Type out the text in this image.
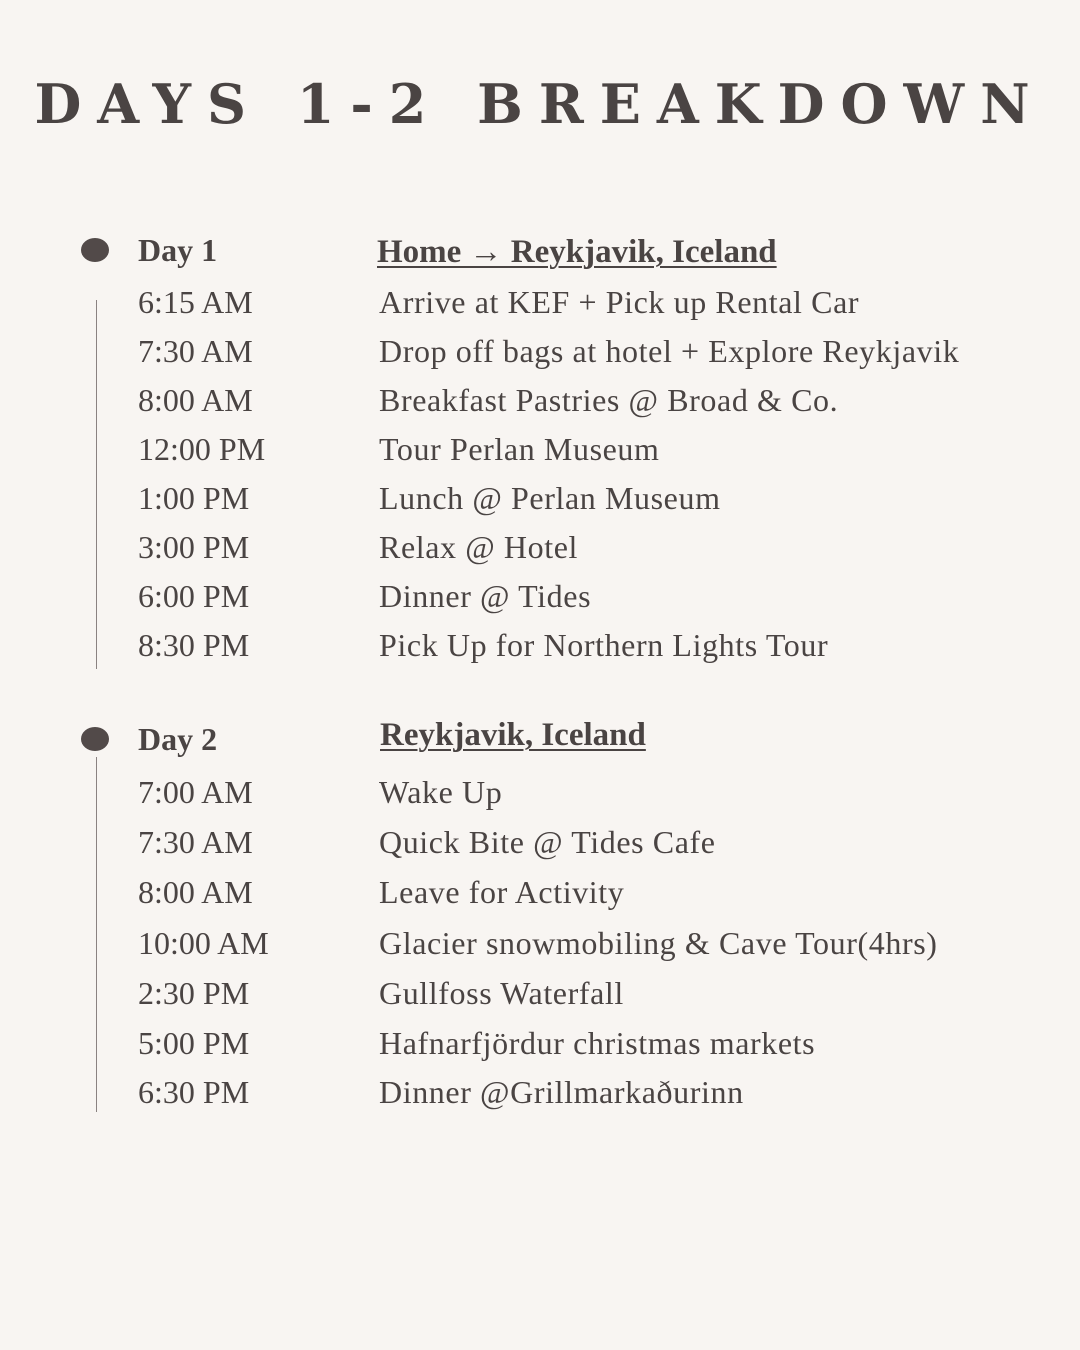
DAYS 1-2 BREAKDOWN
Day 1	Home → Reykjavik, Iceland
6:15 AM	Arrive at KEF + Pick up Rental Car
7:30 AM	Drop off bags at hotel + Explore Reykjavik
8:00 AM	Breakfast Pastries @ Broad & Co.
12:00 PM	Tour Perlan Museum
1:00 PM	Lunch @ Perlan Museum
3:00 PM	Relax @ Hotel
6:00 PM	Dinner @ Tides
8:30 PM	Pick Up for Northern Lights Tour
Day 2	Reykjavik, Iceland
7:00 AM	Wake Up
7:30 AM	Quick Bite @ Tides Cafe
8:00 AM	Leave for Activity
10:00 AM	Glacier snowmobiling & Cave Tour(4hrs)
2:30 PM	Gullfoss Waterfall
5:00 PM	Hafnarfjördur christmas markets
6:30 PM	Dinner @Grillmarkaðurinn
